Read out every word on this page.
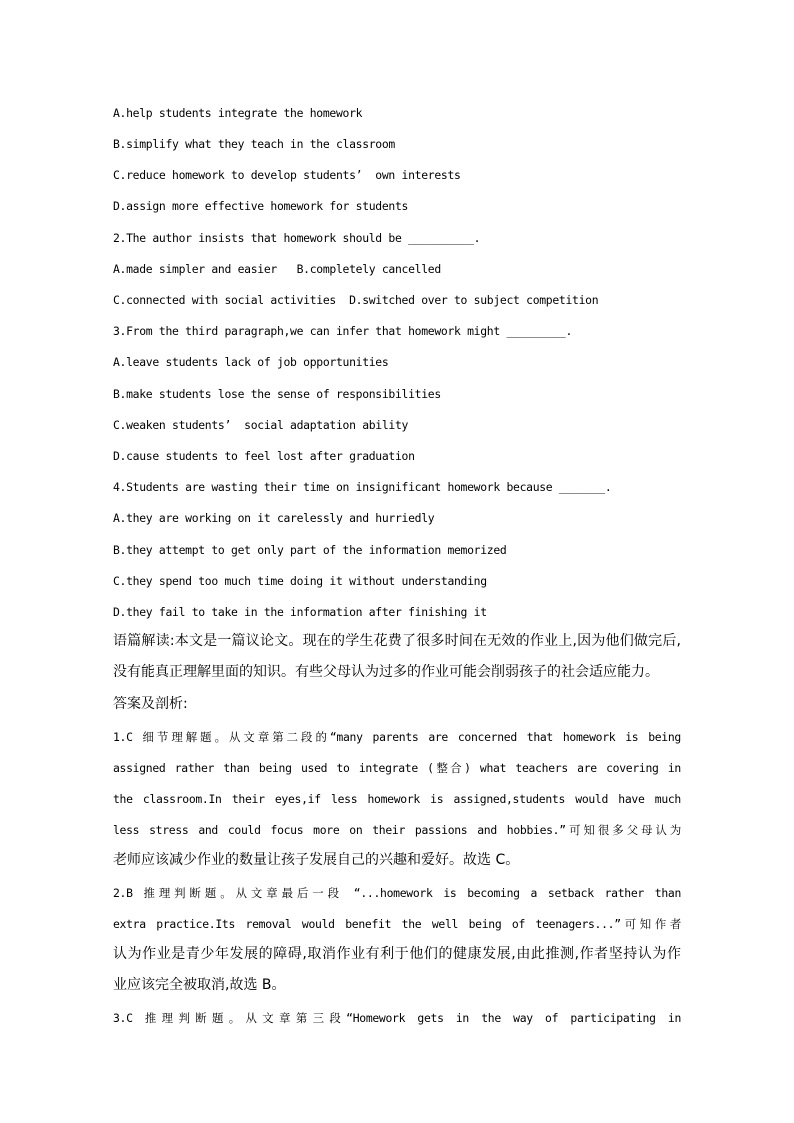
A.help students integrate the homework
B.simplify what they teach in the classroom
C.reduce homework to develop students’  own interests
D.assign more effective homework for students
2.The author insists that homework should be __________.
A.made simpler and easier   B.completely cancelled
C.connected with social activities  D.switched over to subject competition
3.From the third paragraph,we can infer that homework might _________.
A.leave students lack of job opportunities
B.make students lose the sense of responsibilities
C.weaken students’  social adaptation ability
D.cause students to feel lost after graduation
4.Students are wasting their time on insignificant homework because _______.
A.they are working on it carelessly and hurriedly
B.they attempt to get only part of the information memorized
C.they spend too much time doing it without understanding
D.they fail to take in the information after finishing it
语篇解读:本文是一篇议论文。现在的学生花费了很多时间在无效的作业上,因为他们做完后,
没有能真正理解里面的知识。有些父母认为过多的作业可能会削弱孩子的社会适应能力。
答案及剖析:
1.C 细节理解题。从文章第二段的“many parents are concerned that homework is being
assigned rather than being used to integrate (整合) what teachers are covering in
the classroom.In their eyes,if less homework is assigned,students would have much
less stress and could focus more on their passions and hobbies.”可知很多父母认为
老师应该减少作业的数量让孩子发展自己的兴趣和爱好。故选 C。
2.B 推理判断题。从文章最后一段 “...homework is becoming a setback rather than
extra practice.Its removal would benefit the well being of teenagers...”可知作者
认为作业是青少年发展的障碍,取消作业有利于他们的健康发展,由此推测,作者坚持认为作
业应该完全被取消,故选 B。
3.C 推理判断题。从文章第三段“Homework gets in the way of participating in
